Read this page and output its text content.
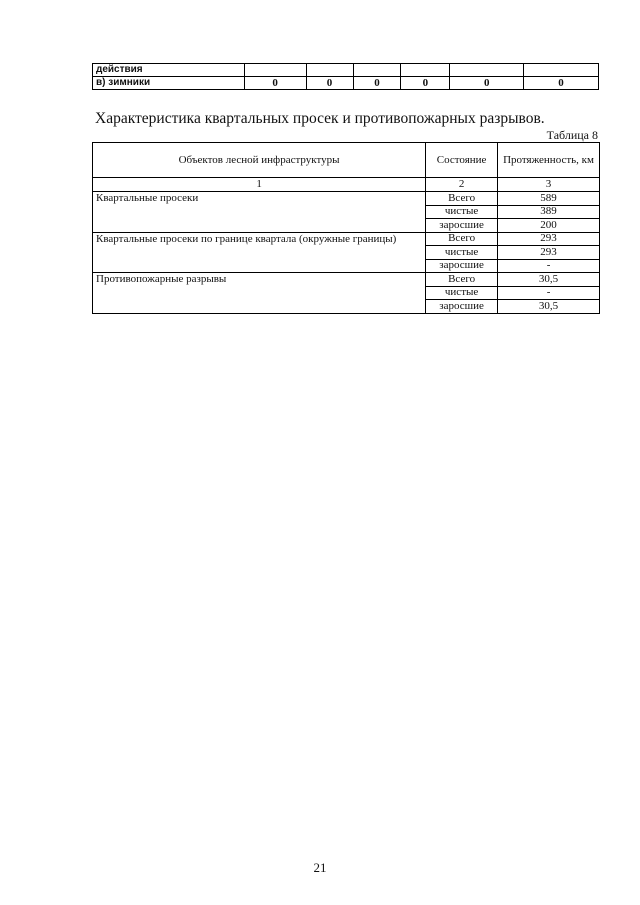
действия						
в) зимники	0	0	0	0	0	0
Характеристика квартальных просек и противопожарных разрывов.
Таблица 8
Объектов лесной инфраструктуры	Состояние	Протяженность, км
1	2	3
Квартальные просеки	Всего	589
	чистые	389
	заросшие	200
Квартальные просеки по границе квартала (окружные границы)	Всего	293
	чистые	293
	заросшие	-
Противопожарные разрывы	Всего	30,5
	чистые	-
	заросшие	30,5
21
